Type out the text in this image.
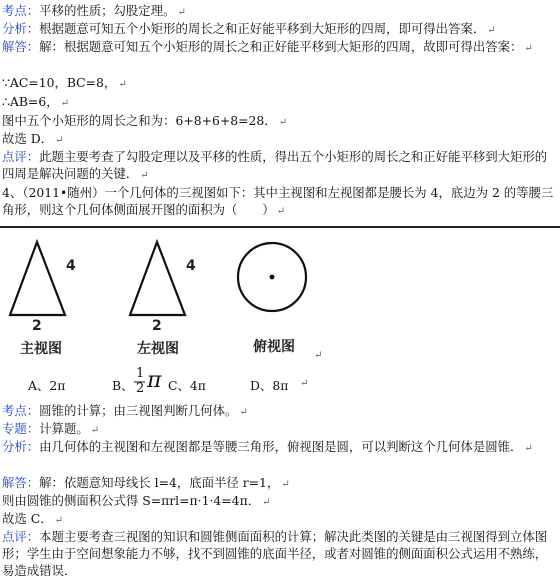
考点：平移的性质；勾股定理。 ↵
分析：根据题意可知五个小矩形的周长之和正好能平移到大矩形的四周，即可得出答案． ↵
解答：解：根据题意可知五个小矩形的周长之和正好能平移到大矩形的四周，故即可得出答案： ↵
∵AC=10，BC=8， ↵
∴AB=6， ↵
图中五个小矩形的周长之和为：6+8+6+8=28． ↵
故选 D． ↵
点评：此题主要考查了勾股定理以及平移的性质，得出五个小矩形的周长之和正好能平移到大矩形的四周是解决问题的关键． ↵
4、（2011•随州）一个几何体的三视图如下：其中主视图和左视图都是腰长为 4，底边为 2 的等腰三角形，则这个几何体侧面展开图的面积为（　　） ↵
4
2
主视图
4
2
左视图	俯视图
↵
A、2π	B、
1
2 π C、4π	D、8π ↵
考点：圆锥的计算；由三视图判断几何体。 ↵
专题：计算题。 ↵
分析：由几何体的主视图和左视图都是等腰三角形，俯视图是圆，可以判断这个几何体是圆锥． ↵
解答：解：依题意知母线长 l=4，底面半径 r=1， ↵
则由圆锥的侧面积公式得 S=πrl=π·1·4=4π． ↵
故选 C． ↵
点评：本题主要考查三视图的知识和圆锥侧面面积的计算；解决此类图的关键是由三视图得到立体图形；学生由于空间想象能力不够，找不到圆锥的底面半径，或者对圆锥的侧面面积公式运用不熟练，易造成错误．
